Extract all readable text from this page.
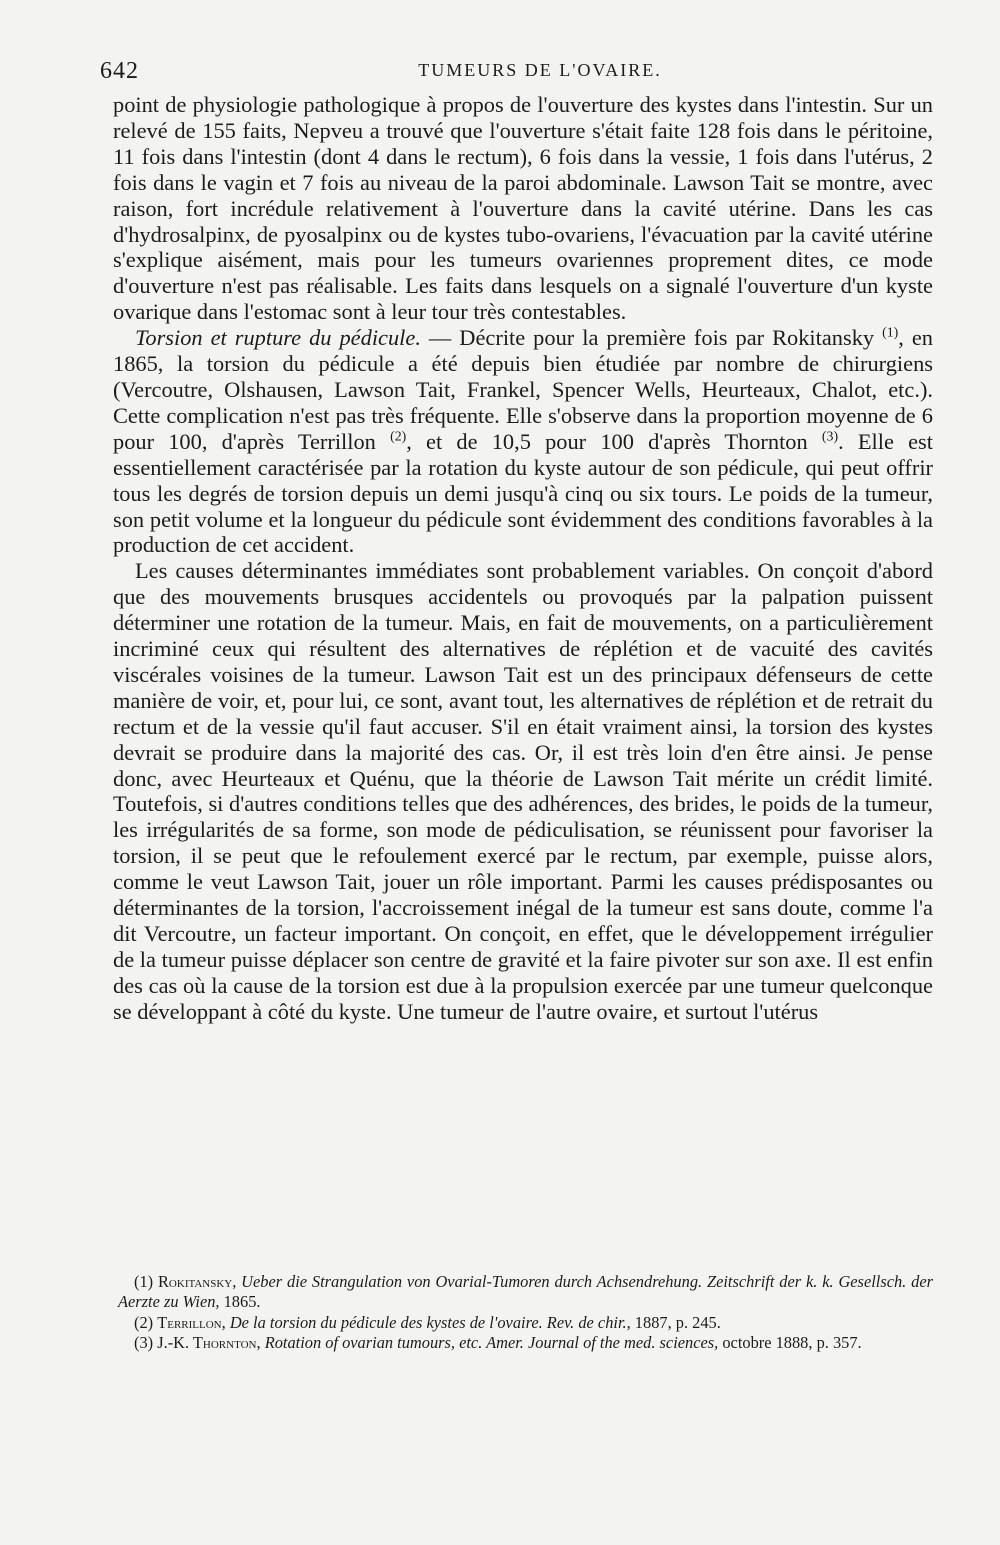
642	TUMEURS DE L'OVAIRE.

point de physiologie pathologique à propos de l'ouverture des kystes dans l'intestin. Sur un relevé de 155 faits, Nepveu a trouvé que l'ouverture s'était faite 128 fois dans le péritoine, 11 fois dans l'intestin (dont 4 dans le rectum), 6 fois dans la vessie, 1 fois dans l'utérus, 2 fois dans le vagin et 7 fois au niveau de la paroi abdominale. Lawson Tait se montre, avec raison, fort incrédule relativement à l'ouverture dans la cavité utérine. Dans les cas d'hydrosalpinx, de pyosalpinx ou de kystes tubo-ovariens, l'évacuation par la cavité utérine s'explique aisément, mais pour les tumeurs ovariennes proprement dites, ce mode d'ouverture n'est pas réalisable. Les faits dans lesquels on a signalé l'ouverture d'un kyste ovarique dans l'estomac sont à leur tour très contestables.

Torsion et rupture du pédicule. — Décrite pour la première fois par Rokitansky $^{(1)}$, en 1865, la torsion du pédicule a été depuis bien étudiée par nombre de chirurgiens (Vercoutre, Olshausen, Lawson Tait, Frankel, Spencer Wells, Heurteaux, Chalot, etc.). Cette complication n'est pas très fréquente. Elle s'observe dans la proportion moyenne de 6 pour 100, d'après Terrillon $^{(2)}$, et de 10,5 pour 100 d'après Thornton $^{(3)}$. Elle est essentiellement caractérisée par la rotation du kyste autour de son pédicule, qui peut offrir tous les degrés de torsion depuis un demi jusqu'à cinq ou six tours. Le poids de la tumeur, son petit volume et la longueur du pédicule sont évidemment des conditions favorables à la production de cet accident.

Les causes déterminantes immédiates sont probablement variables. On conçoit d'abord que des mouvements brusques accidentels ou provoqués par la palpation puissent déterminer une rotation de la tumeur. Mais, en fait de mouvements, on a particulièrement incriminé ceux qui résultent des alternatives de réplétion et de vacuité des cavités viscérales voisines de la tumeur. Lawson Tait est un des principaux défenseurs de cette manière de voir, et, pour lui, ce sont, avant tout, les alternatives de réplétion et de retrait du rectum et de la vessie qu'il faut accuser. S'il en était vraiment ainsi, la torsion des kystes devrait se produire dans la majorité des cas. Or, il est très loin d'en être ainsi. Je pense donc, avec Heurteaux et Quénu, que la théorie de Lawson Tait mérite un crédit limité. Toutefois, si d'autres conditions telles que des adhérences, des brides, le poids de la tumeur, les irrégularités de sa forme, son mode de pédiculisation, se réunissent pour favoriser la torsion, il se peut que le refoulement exercé par le rectum, par exemple, puisse alors, comme le veut Lawson Tait, jouer un rôle important. Parmi les causes prédisposantes ou déterminantes de la torsion, l'accroissement inégal de la tumeur est sans doute, comme l'a dit Vercoutre, un facteur important. On conçoit, en effet, que le développement irrégulier de la tumeur puisse déplacer son centre de gravité et la faire pivoter sur son axe. Il est enfin des cas où la cause de la torsion est due à la propulsion exercée par une tumeur quelconque se développant à côté du kyste. Une tumeur de l'autre ovaire, et surtout l'utérus

(1) Rokitansky, Ueber die Strangulation von Ovarial-Tumoren durch Achsendrehung. Zeitschrift der k. k. Gesellsch. der Aerzte zu Wien, 1865.

(2) Terrillon, De la torsion du pédicule des kystes de l'ovaire. Rev. de chir., 1887, p. 245.

(3) J.-K. Thornton, Rotation of ovarian tumours, etc. Amer. Journal of the med. sciences, octobre 1888, p. 357.
